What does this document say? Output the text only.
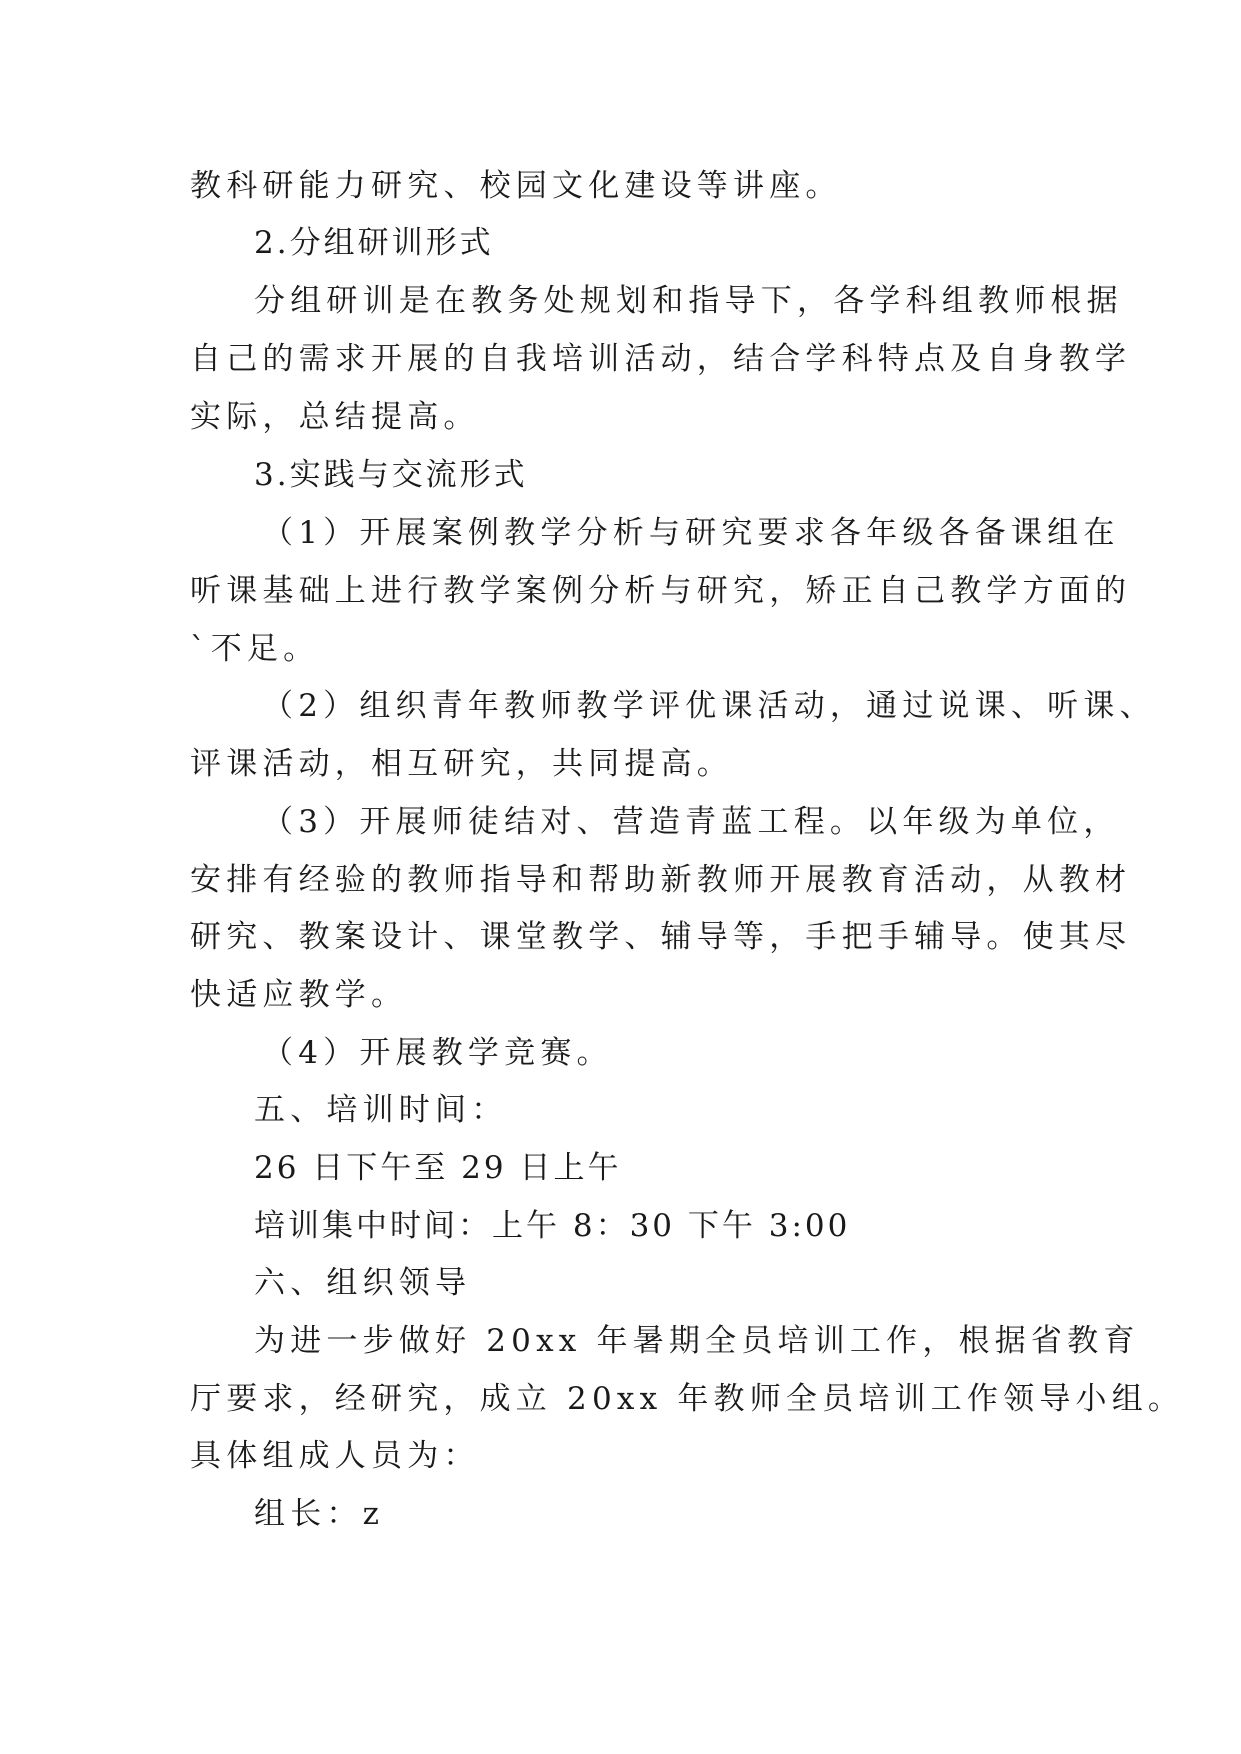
教科研能力研究、校园文化建设等讲座。
2.分组研训形式
分组研训是在教务处规划和指导下，各学科组教师根据
自己的需求开展的自我培训活动，结合学科特点及自身教学
实际，总结提高。
3.实践与交流形式
（1）开展案例教学分析与研究要求各年级各备课组在
听课基础上进行教学案例分析与研究，矫正自己教学方面的
`不足。
（2）组织青年教师教学评优课活动，通过说课、听课、
评课活动，相互研究，共同提高。
（3）开展师徒结对、营造青蓝工程。以年级为单位，
安排有经验的教师指导和帮助新教师开展教育活动，从教材
研究、教案设计、课堂教学、辅导等，手把手辅导。使其尽
快适应教学。
（4）开展教学竞赛。
五、培训时间：
26 日下午至 29 日上午
培训集中时间：上午 8：30 下午 3:00
六、组织领导
为进一步做好 20xx 年暑期全员培训工作，根据省教育
厅要求，经研究，成立 20xx 年教师全员培训工作领导小组。
具体组成人员为：
组长：z
